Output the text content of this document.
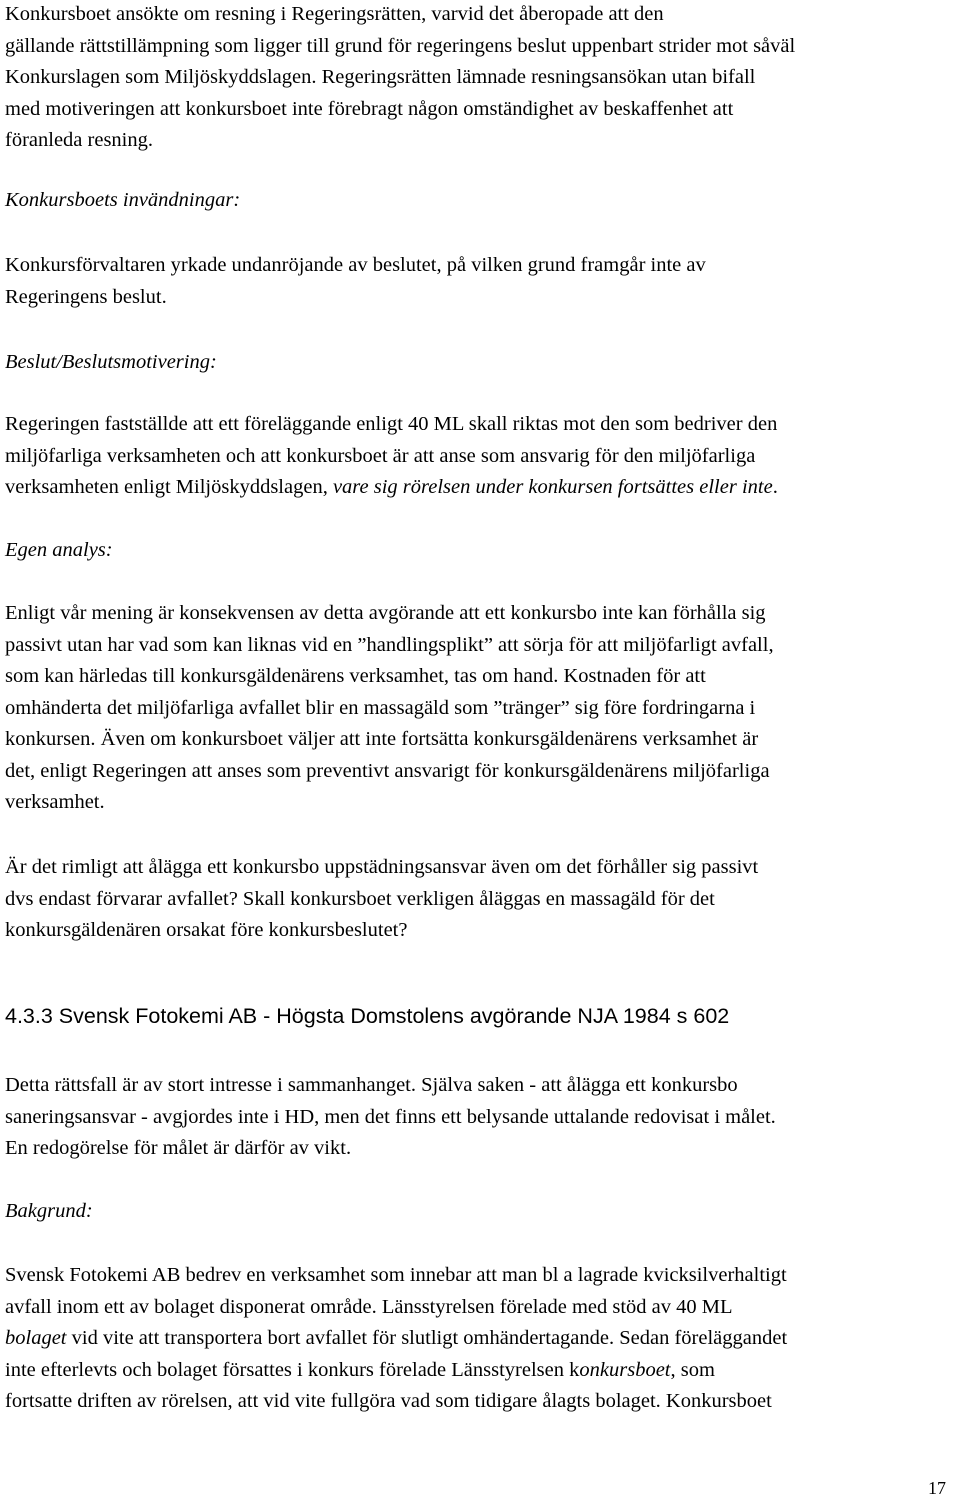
Konkursboet ansökte om resning i Regeringsrätten, varvid det åberopade att den
gällande rättstillämpning som ligger till grund för regeringens beslut uppenbart strider mot såväl
Konkurslagen som Miljöskyddslagen. Regeringsrätten lämnade resningsansökan utan bifall
med motiveringen att konkursboet inte förebragt någon omständighet av beskaffenhet att
föranleda resning.
Konkursboets invändningar:
Konkursförvaltaren yrkade undanröjande av beslutet, på vilken grund framgår inte av
Regeringens beslut.
Beslut/Beslutsmotivering:
Regeringen fastställde att ett föreläggande enligt 40 ML skall riktas mot den som bedriver den
miljöfarliga verksamheten och att konkursboet är att anse som ansvarig för den miljöfarliga
verksamheten enligt Miljöskyddslagen, vare sig rörelsen under konkursen fortsättes eller inte.
Egen analys:
Enligt vår mening är konsekvensen av detta avgörande att ett konkursbo inte kan förhålla sig
passivt utan har vad som kan liknas vid en ”handlingsplikt” att sörja för att miljöfarligt avfall,
som kan härledas till konkursgäldenärens verksamhet, tas om hand. Kostnaden för att
omhänderta det miljöfarliga avfallet blir en massagäld som ”tränger” sig före fordringarna i
konkursen. Även om konkursboet väljer att inte fortsätta konkursgäldenärens verksamhet är
det, enligt Regeringen att anses som preventivt ansvarigt för konkursgäldenärens miljöfarliga
verksamhet.
Är det rimligt att ålägga ett konkursbo uppstädningsansvar även om det förhåller sig passivt
dvs endast förvarar avfallet? Skall konkursboet verkligen åläggas en massagäld för det
konkursgäldenären orsakat före konkursbeslutet?
4.3.3 Svensk Fotokemi AB - Högsta Domstolens avgörande NJA 1984 s 602
Detta rättsfall är av stort intresse i sammanhanget. Själva saken - att ålägga ett konkursbo
saneringsansvar - avgjordes inte i HD, men det finns ett belysande uttalande redovisat i målet.
En redogörelse för målet är därför av vikt.
Bakgrund:
Svensk Fotokemi AB bedrev en verksamhet som innebar att man bl a lagrade kvicksilverhaltigt
avfall inom ett av bolaget disponerat område. Länsstyrelsen förelade med stöd av 40 ML
bolaget vid vite att transportera bort avfallet för slutligt omhändertagande. Sedan föreläggandet
inte efterlevts och bolaget försattes i konkurs förelade Länsstyrelsen konkursboet, som
fortsatte driften av rörelsen, att vid vite fullgöra vad som tidigare ålagts bolaget. Konkursboet
17
